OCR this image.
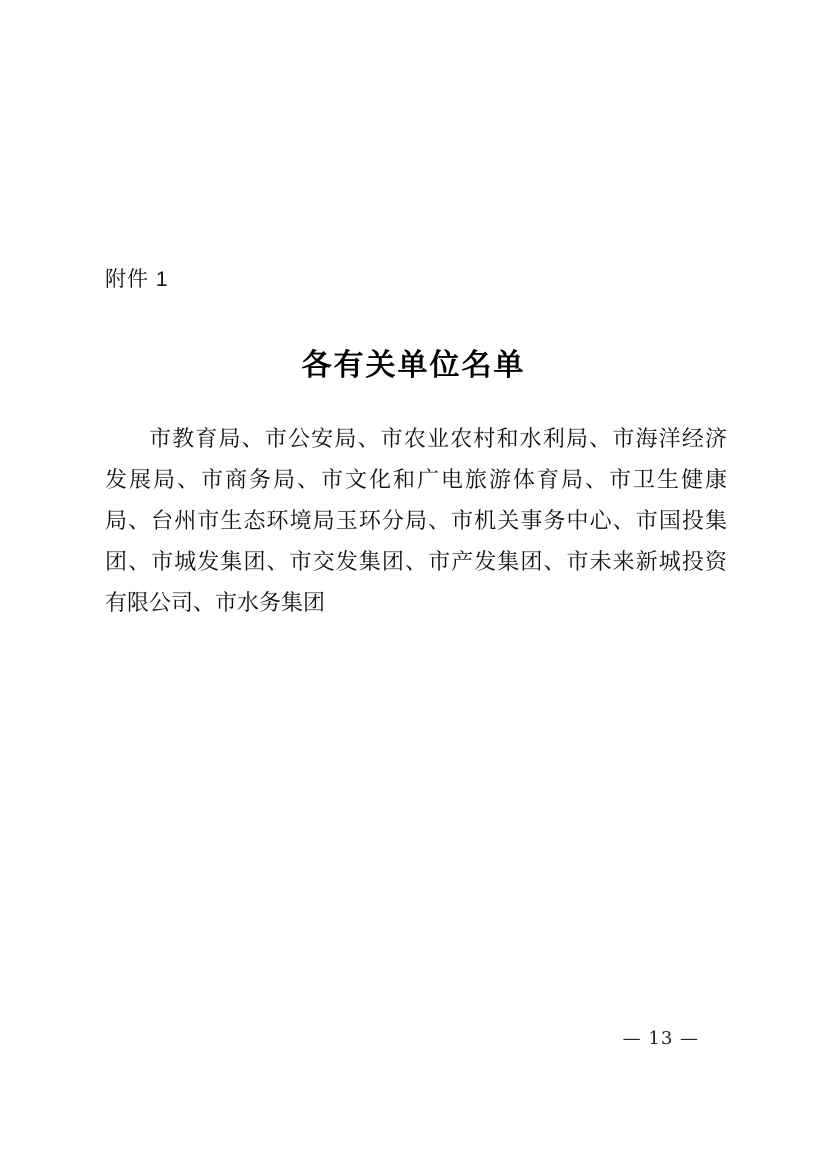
附件 1
各有关单位名单
市教育局、市公安局、市农业农村和水利局、市海洋经济
发展局、市商务局、市文化和广电旅游体育局、市卫生健康
局、台州市生态环境局玉环分局、市机关事务中心、市国投集
团、市城发集团、市交发集团、市产发集团、市未来新城投资
有限公司、市水务集团
— 13 —
